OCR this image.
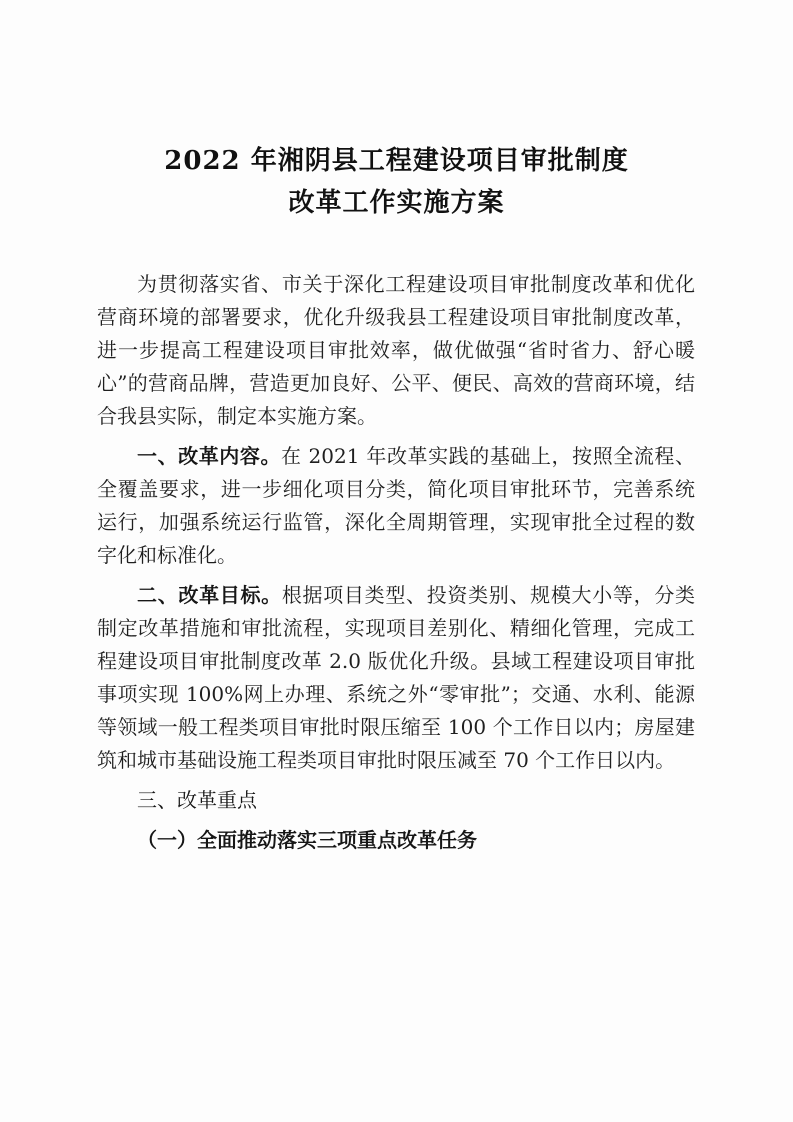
2022 年湘阴县工程建设项目审批制度
改革工作实施方案

为贯彻落实省、市关于深化工程建设项目审批制度改革和优化营商环境的部署要求，优化升级我县工程建设项目审批制度改革，进一步提高工程建设项目审批效率，做优做强“省时省力、舒心暖心”的营商品牌，营造更加良好、公平、便民、高效的营商环境，结合我县实际，制定本实施方案。

一、改革内容。在 2021 年改革实践的基础上，按照全流程、全覆盖要求，进一步细化项目分类，简化项目审批环节，完善系统运行，加强系统运行监管，深化全周期管理，实现审批全过程的数字化和标准化。

二、改革目标。根据项目类型、投资类别、规模大小等，分类制定改革措施和审批流程，实现项目差别化、精细化管理，完成工程建设项目审批制度改革 2.0 版优化升级。县域工程建设项目审批事项实现 100%网上办理、系统之外“零审批”；交通、水利、能源等领域一般工程类项目审批时限压缩至 100 个工作日以内；房屋建筑和城市基础设施工程类项目审批时限压减至 70 个工作日以内。

三、改革重点

（一）全面推动落实三项重点改革任务
